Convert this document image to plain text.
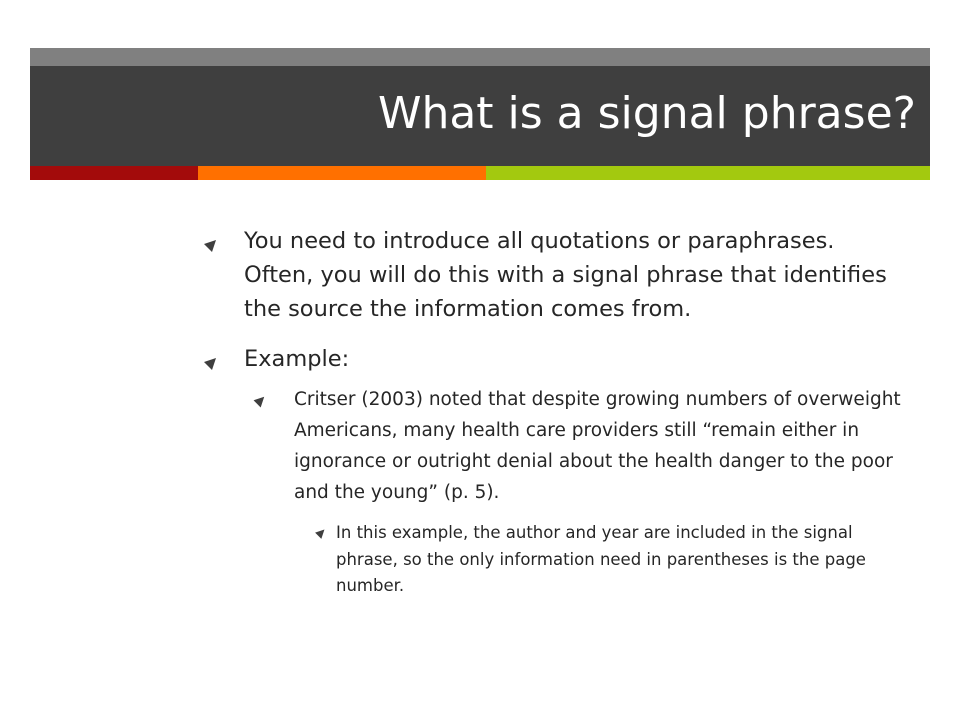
What is a signal phrase?

You need to introduce all quotations or paraphrases. Often, you will do this with a signal phrase that identifies the source the information comes from.

Example:

Critser (2003) noted that despite growing numbers of overweight Americans, many health care providers still “remain either in ignorance or outright denial about the health danger to the poor and the young” (p. 5).

In this example, the author and year are included in the signal phrase, so the only information need in parentheses is the page number.
